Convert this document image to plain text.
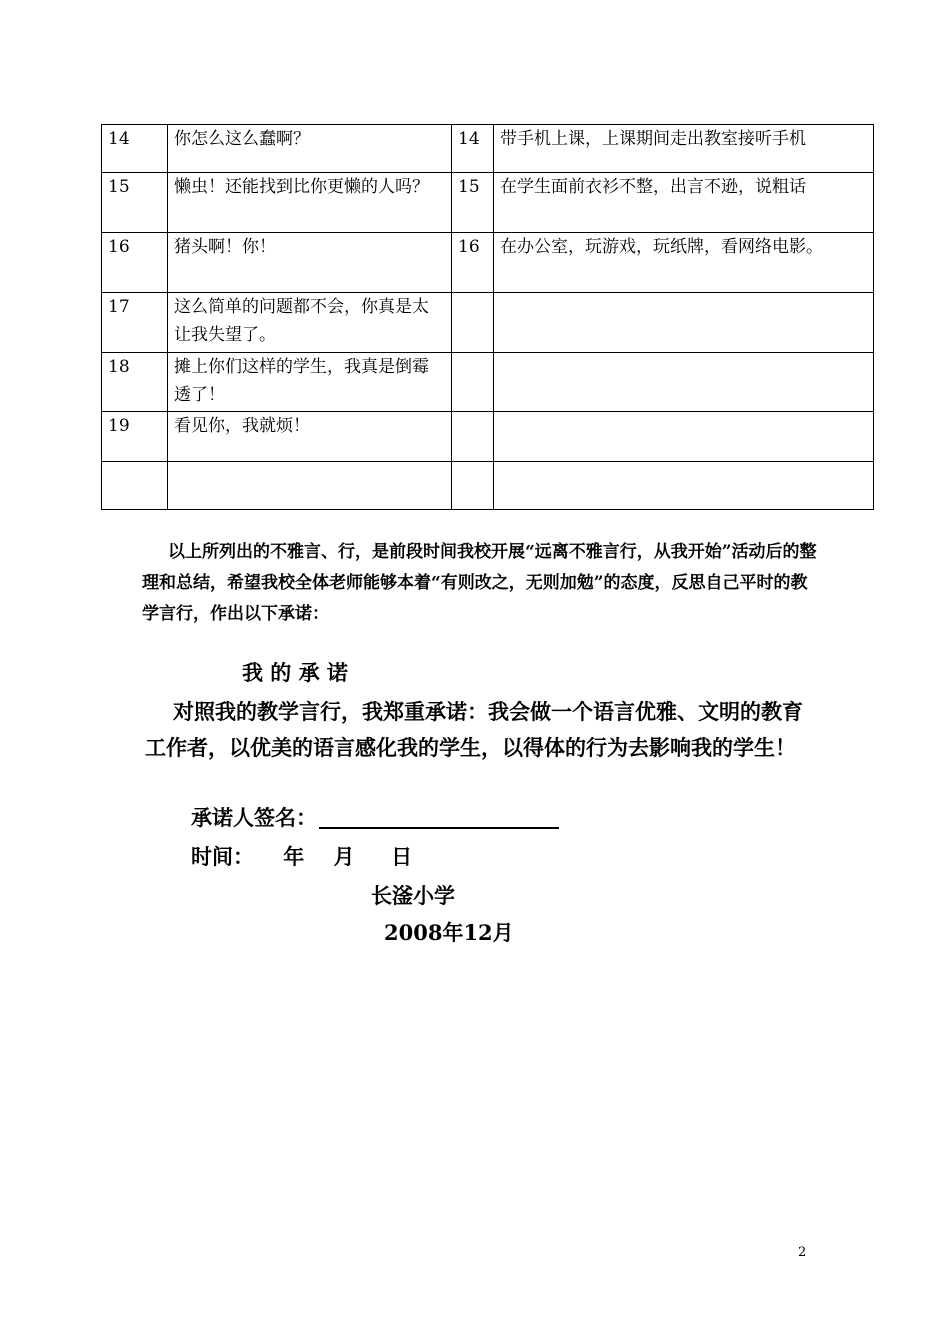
14	你怎么这么蠢啊？	14	带手机上课，上课期间走出教室接听手机
15	懒虫！还能找到比你更懒的人吗？	15	在学生面前衣衫不整，出言不逊，说粗话
16	猪头啊！你！	16	在办公室，玩游戏，玩纸牌，看网络电影。
17	这么简单的问题都不会，你真是太让我失望了。		
18	摊上你们这样的学生，我真是倒霉透了！		
19	看见你，我就烦！		

以上所列出的不雅言、行，是前段时间我校开展“远离不雅言行，从我开始”活动后的整理和总结，希望我校全体老师能够本着“有则改之，无则加勉”的态度，反思自己平时的教学言行，作出以下承诺：
我 的 承 诺
对照我的教学言行，我郑重承诺：我会做一个语言优雅、文明的教育工作者，以优美的语言感化我的学生，以得体的行为去影响我的学生！
承诺人签名：
时间： 年 月 日
长滏小学
2008年12月
2
